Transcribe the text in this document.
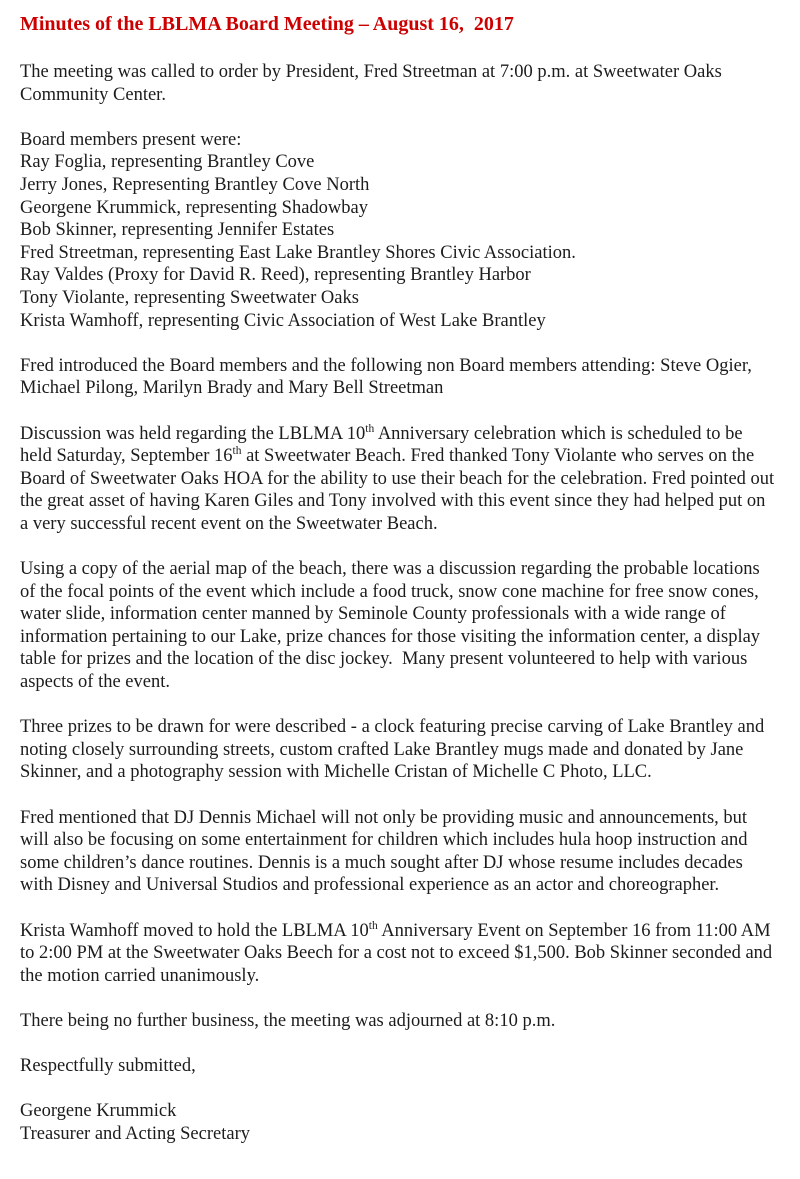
Minutes of the LBLMA Board Meeting – August 16,  2017

The meeting was called to order by President, Fred Streetman at 7:00 p.m. at Sweetwater Oaks Community Center.

Board members present were:
Ray Foglia, representing Brantley Cove
Jerry Jones, Representing Brantley Cove North
Georgene Krummick, representing Shadowbay
Bob Skinner, representing Jennifer Estates
Fred Streetman, representing East Lake Brantley Shores Civic Association.
Ray Valdes (Proxy for David R. Reed), representing Brantley Harbor
Tony Violante, representing Sweetwater Oaks
Krista Wamhoff, representing Civic Association of West Lake Brantley

Fred introduced the Board members and the following non Board members attending: Steve Ogier, Michael Pilong, Marilyn Brady and Mary Bell Streetman

Discussion was held regarding the LBLMA 10th Anniversary celebration which is scheduled to be held Saturday, September 16th at Sweetwater Beach. Fred thanked Tony Violante who serves on the Board of Sweetwater Oaks HOA for the ability to use their beach for the celebration. Fred pointed out the great asset of having Karen Giles and Tony involved with this event since they had helped put on a very successful recent event on the Sweetwater Beach.

Using a copy of the aerial map of the beach, there was a discussion regarding the probable locations of the focal points of the event which include a food truck, snow cone machine for free snow cones, water slide, information center manned by Seminole County professionals with a wide range of information pertaining to our Lake, prize chances for those visiting the information center, a display table for prizes and the location of the disc jockey.  Many present volunteered to help with various aspects of the event.

Three prizes to be drawn for were described - a clock featuring precise carving of Lake Brantley and noting closely surrounding streets, custom crafted Lake Brantley mugs made and donated by Jane Skinner, and a photography session with Michelle Cristan of Michelle C Photo, LLC.

Fred mentioned that DJ Dennis Michael will not only be providing music and announcements, but will also be focusing on some entertainment for children which includes hula hoop instruction and some children’s dance routines. Dennis is a much sought after DJ whose resume includes decades with Disney and Universal Studios and professional experience as an actor and choreographer.

Krista Wamhoff moved to hold the LBLMA 10th Anniversary Event on September 16 from 11:00 AM to 2:00 PM at the Sweetwater Oaks Beech for a cost not to exceed $1,500. Bob Skinner seconded and the motion carried unanimously.

There being no further business, the meeting was adjourned at 8:10 p.m.

Respectfully submitted,

Georgene Krummick
Treasurer and Acting Secretary
